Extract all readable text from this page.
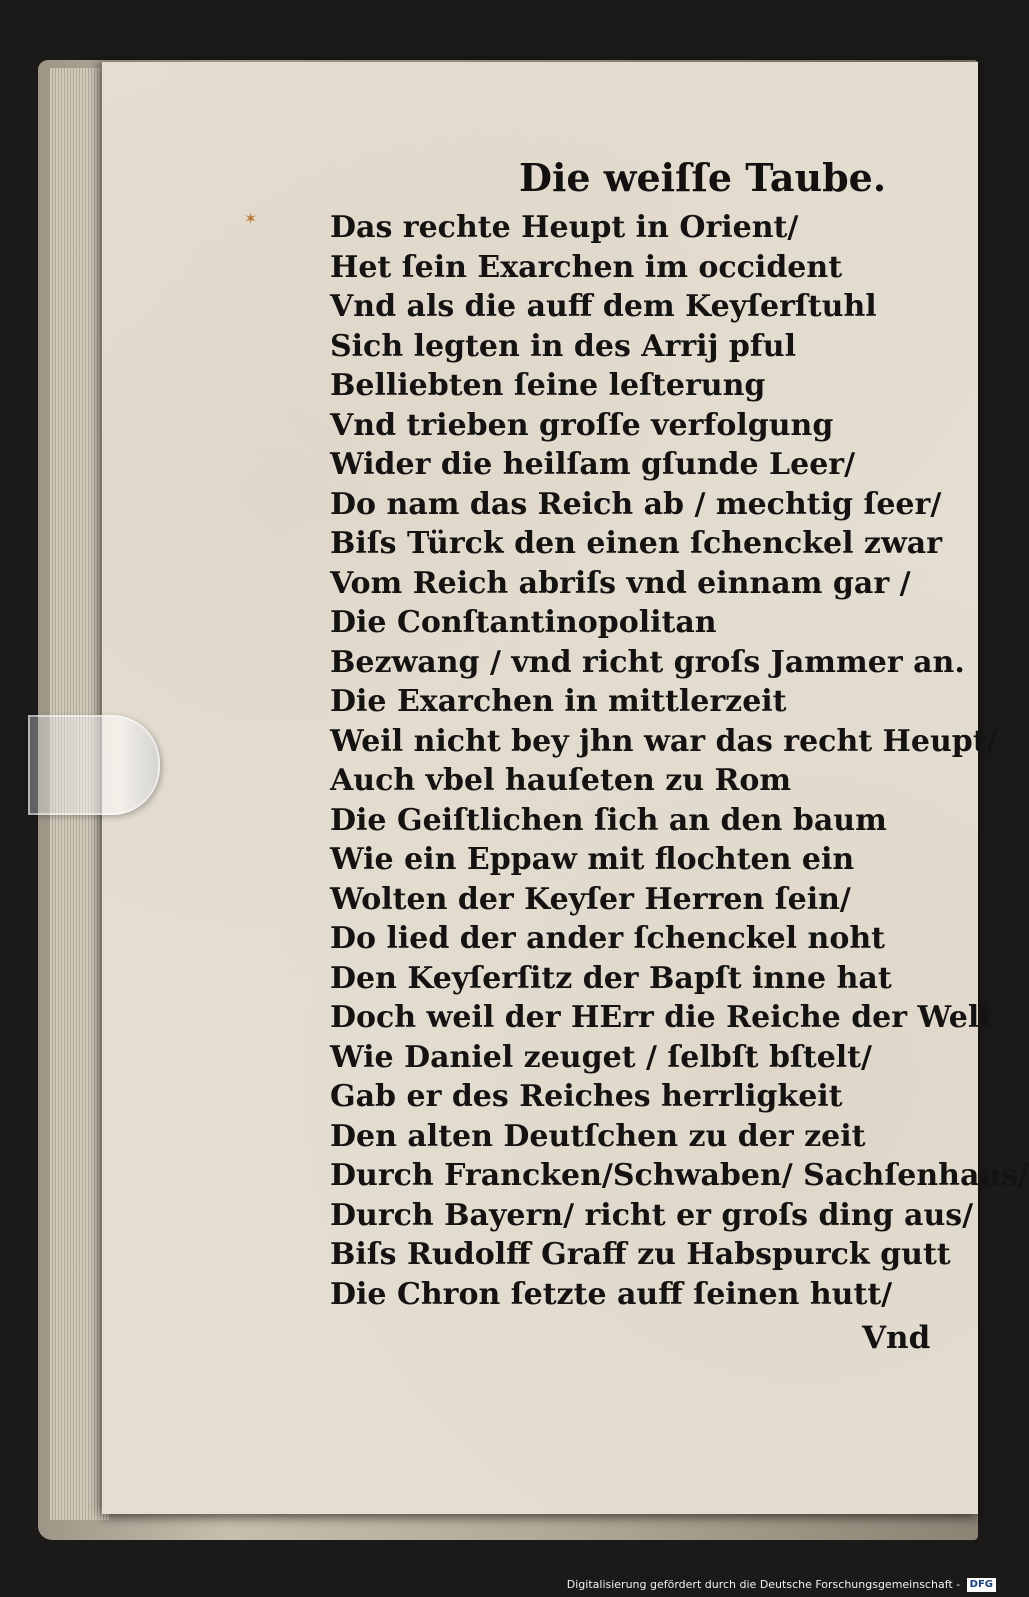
✶
Die weiſſe Taube.
Das rechte Heupt in Orient/
Het ſein Exarchen im occident
Vnd als die auff dem Keyſerſtuhl
Sich legten in des Arrij pful
Belliebten ſeine leſterung
Vnd trieben groſſe verfolgung
Wider die heilſam gſunde Leer/
Do nam das Reich ab / mechtig ſeer/
Biſs Türck den einen ſchenckel zwar
Vom Reich abriſs vnd einnam gar /
Die Conſtantinopolitan
Bezwang / vnd richt groſs Jammer an.
Die Exarchen in mittlerzeit
Weil nicht bey jhn war das recht Heupt/
Auch vbel hauſeten zu Rom
Die Geiſtlichen ſich an den baum
Wie ein Eppaw mit flochten ein
Wolten der Keyſer Herren ſein/
Do lied der ander ſchenckel noht
Den Keyſerſitz der Bapſt inne hat
Doch weil der HErr die Reiche der Welt
Wie Daniel zeuget / ſelbſt bſtelt/
Gab er des Reiches herrligkeit
Den alten Deutſchen zu der zeit
Durch Francken/Schwaben/ Sachſenhaus/
Durch Bayern/ richt er groſs ding aus/
Biſs Rudolff Graff zu Habspurck gutt
Die Chron ſetzte auff ſeinen hutt/
Vnd
Digitalisierung gefördert durch die Deutsche Forschungsgemeinschaft - DFG
